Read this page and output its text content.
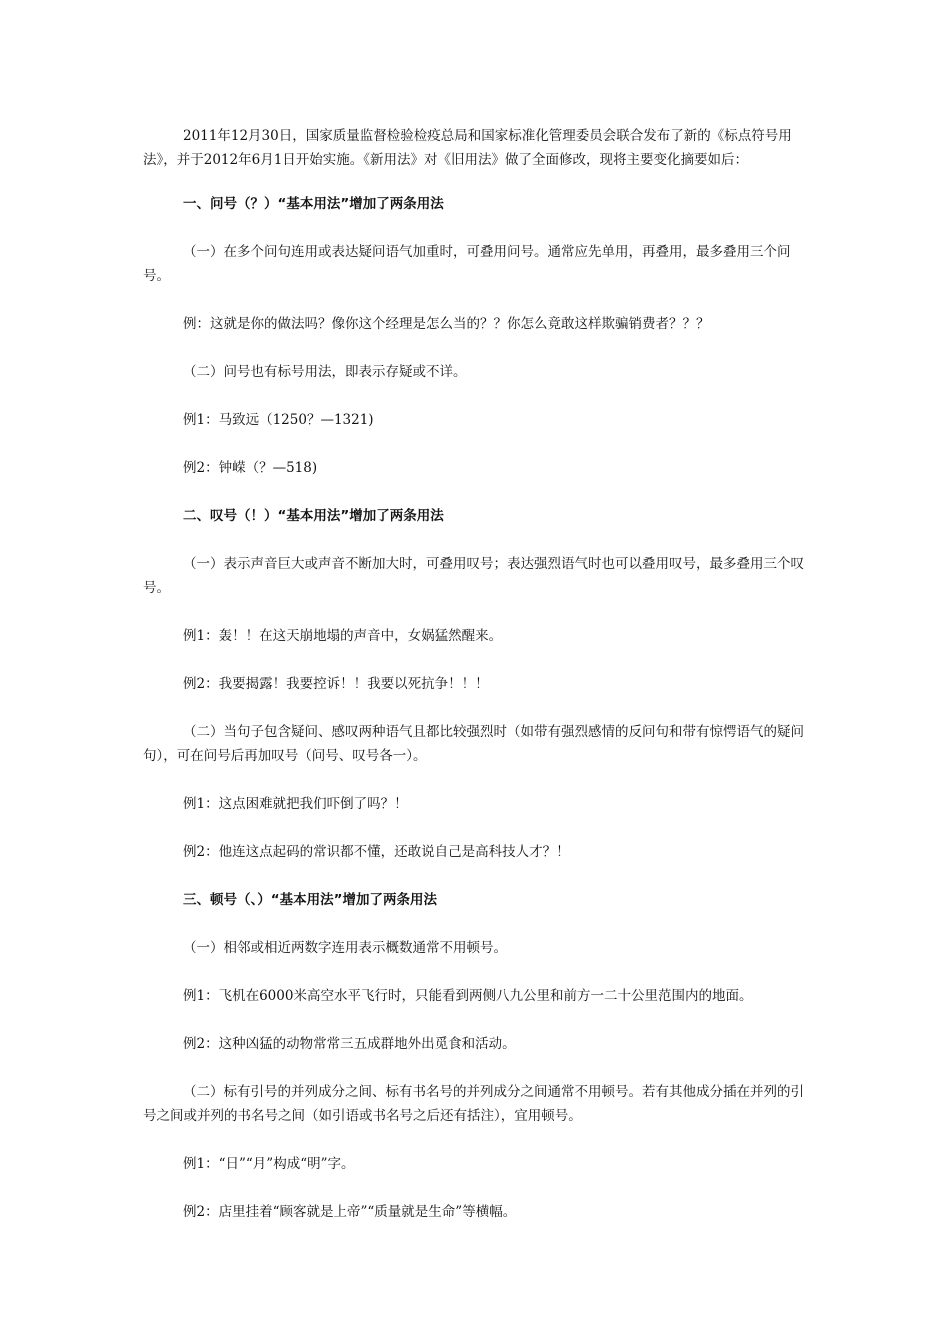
2011年12月30日，国家质量监督检验检疫总局和国家标准化管理委员会联合发布了新的《标点符号用法》，并于2012年6月1日开始实施。《新用法》对《旧用法》做了全面修改，现将主要变化摘要如后：

一、问号（？）“基本用法”增加了两条用法

（一）在多个问句连用或表达疑问语气加重时，可叠用问号。通常应先单用，再叠用，最多叠用三个问号。

例：这就是你的做法吗？像你这个经理是怎么当的？？你怎么竟敢这样欺骗销费者？？？

（二）问号也有标号用法，即表示存疑或不详。

例1：马致远（1250？—1321)

例2：钟嵘（？—518)

二、叹号（！）“基本用法”增加了两条用法

（一）表示声音巨大或声音不断加大时，可叠用叹号；表达强烈语气时也可以叠用叹号，最多叠用三个叹号。

例1：轰！！在这天崩地塌的声音中，女娲猛然醒来。

例2：我要揭露！我要控诉！！我要以死抗争！！！

（二）当句子包含疑问、感叹两种语气且都比较强烈时（如带有强烈感情的反问句和带有惊愕语气的疑问句），可在问号后再加叹号（问号、叹号各一）。

例1：这点困难就把我们吓倒了吗？！

例2：他连这点起码的常识都不懂，还敢说自己是高科技人才？！

三、顿号（、）“基本用法”增加了两条用法

（一）相邻或相近两数字连用表示概数通常不用顿号。

例1：飞机在6000米高空水平飞行时，只能看到两侧八九公里和前方一二十公里范围内的地面。

例2：这种凶猛的动物常常三五成群地外出觅食和活动。

（二）标有引号的并列成分之间、标有书名号的并列成分之间通常不用顿号。若有其他成分插在并列的引号之间或并列的书名号之间（如引语或书名号之后还有括注），宜用顿号。

例1：“日”“月”构成“明”字。

例2：店里挂着“顾客就是上帝”“质量就是生命”等横幅。
